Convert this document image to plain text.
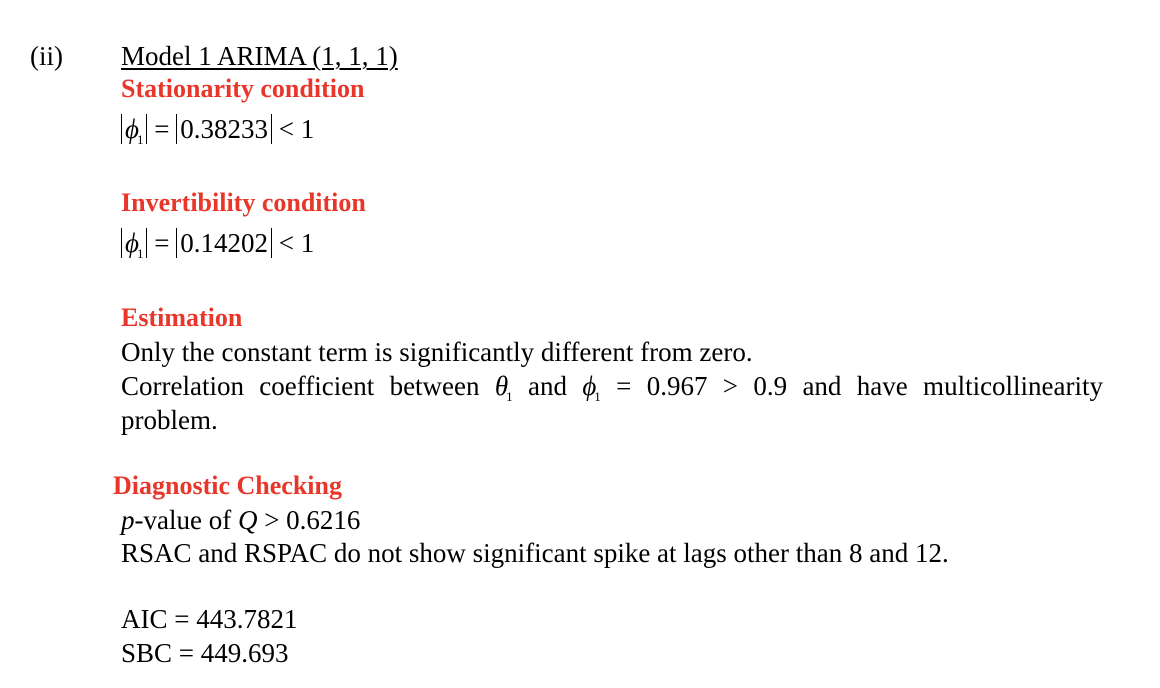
(ii) Model 1 ARIMA (1, 1, 1)
Stationarity condition
$\phi_1 = 0.38233 < 1$
Invertibility condition
$\phi_1 = 0.14202 < 1$
Estimation
Only the constant term is significantly different from zero.
Correlation coefficient between $\theta_1$ and $\phi_1 = 0.967 > 0.9$ and have multicollinearity
problem.
Diagnostic Checking
p-value of Q > 0.6216
RSAC and RSPAC do not show significant spike at lags other than 8 and 12.
AIC = 443.7821
SBC = 449.693
